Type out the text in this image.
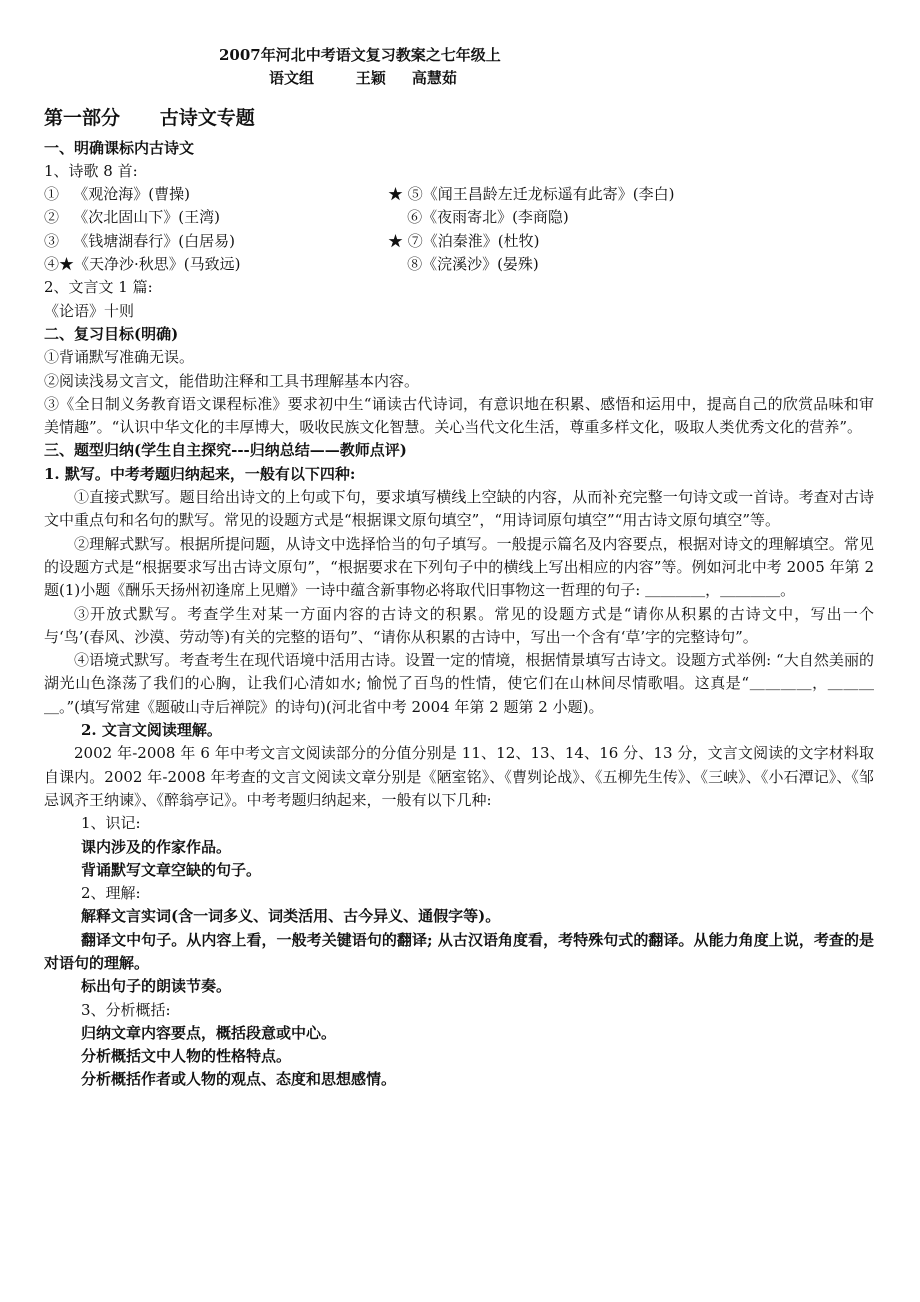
2007年河北中考语文复习教案之七年级上
语文组        王颖     高慧茹
第一部分      古诗文专题
一、明确课标内古诗文
1、诗歌 8 首:
①   《观沧海》(曹操)	★ ⑤《闻王昌龄左迁龙标遥有此寄》(李白)
②   《次北固山下》(王湾)	⑥《夜雨寄北》(李商隐)
③   《钱塘湖春行》(白居易)	★ ⑦《泊秦淮》(杜牧)
④★《天净沙·秋思》(马致远)	⑧《浣溪沙》(晏殊)
2、文言文 1 篇:
《论语》十则
二、复习目标(明确)
①背诵默写准确无误。
②阅读浅易文言文，能借助注释和工具书理解基本内容。
③《全日制义务教育语文课程标准》要求初中生“诵读古代诗词，有意识地在积累、感悟和运用中，提高自己的欣赏品味和审美情趣”。“认识中华文化的丰厚博大，吸收民族文化智慧。关心当代文化生活，尊重多样文化，吸取人类优秀文化的营养”。
三、题型归纳(学生自主探究---归纳总结——教师点评)
1. 默写。中考考题归纳起来，一般有以下四种:
①直接式默写。题目给出诗文的上句或下句，要求填写横线上空缺的内容，从而补充完整一句诗文或一首诗。考查对古诗文中重点句和名句的默写。常见的设题方式是“根据课文原句填空”，“用诗词原句填空”“用古诗文原句填空”等。
②理解式默写。根据所提问题，从诗文中选择恰当的句子填写。一般提示篇名及内容要点，根据对诗文的理解填空。常见的设题方式是“根据要求写出古诗文原句”，“根据要求在下列句子中的横线上写出相应的内容”等。例如河北中考 2005 年第 2 题(1)小题《酬乐天扬州初逢席上见赠》一诗中蕴含新事物必将取代旧事物这一哲理的句子: ＿＿＿＿，＿＿＿＿。
③开放式默写。考查学生对某一方面内容的古诗文的积累。常见的设题方式是“请你从积累的古诗文中，写出一个与‘鸟’(春风、沙漠、劳动等)有关的完整的语句”、“请你从积累的古诗中，写出一个含有‘草’字的完整诗句”。
④语境式默写。考查考生在现代语境中活用古诗。设置一定的情境，根据情景填写古诗文。设题方式举例: “大自然美丽的湖光山色涤荡了我们的心胸，让我们心清如水; 愉悦了百鸟的性情，使它们在山林间尽情歌唱。这真是“＿＿＿＿，＿＿＿＿。”(填写常建《题破山寺后禅院》的诗句)(河北省中考 2004 年第 2 题第 2 小题)。
2. 文言文阅读理解。
2002 年-2008 年 6 年中考文言文阅读部分的分值分别是 11、12、13、14、16 分、13 分，文言文阅读的文字材料取自课内。2002 年-2008 年考查的文言文阅读文章分别是《陋室铭》、《曹刿论战》、《五柳先生传》、《三峡》、《小石潭记》、《邹忌讽齐王纳谏》、《醉翁亭记》。中考考题归纳起来，一般有以下几种:
1、识记:
课内涉及的作家作品。
背诵默写文章空缺的句子。
2、理解:
解释文言实词(含一词多义、词类活用、古今异义、通假字等)。
翻译文中句子。从内容上看，一般考关键语句的翻译; 从古汉语角度看，考特殊句式的翻译。从能力角度上说，考查的是对语句的理解。
标出句子的朗读节奏。
3、分析概括:
归纳文章内容要点，概括段意或中心。
分析概括文中人物的性格特点。
分析概括作者或人物的观点、态度和思想感情。
